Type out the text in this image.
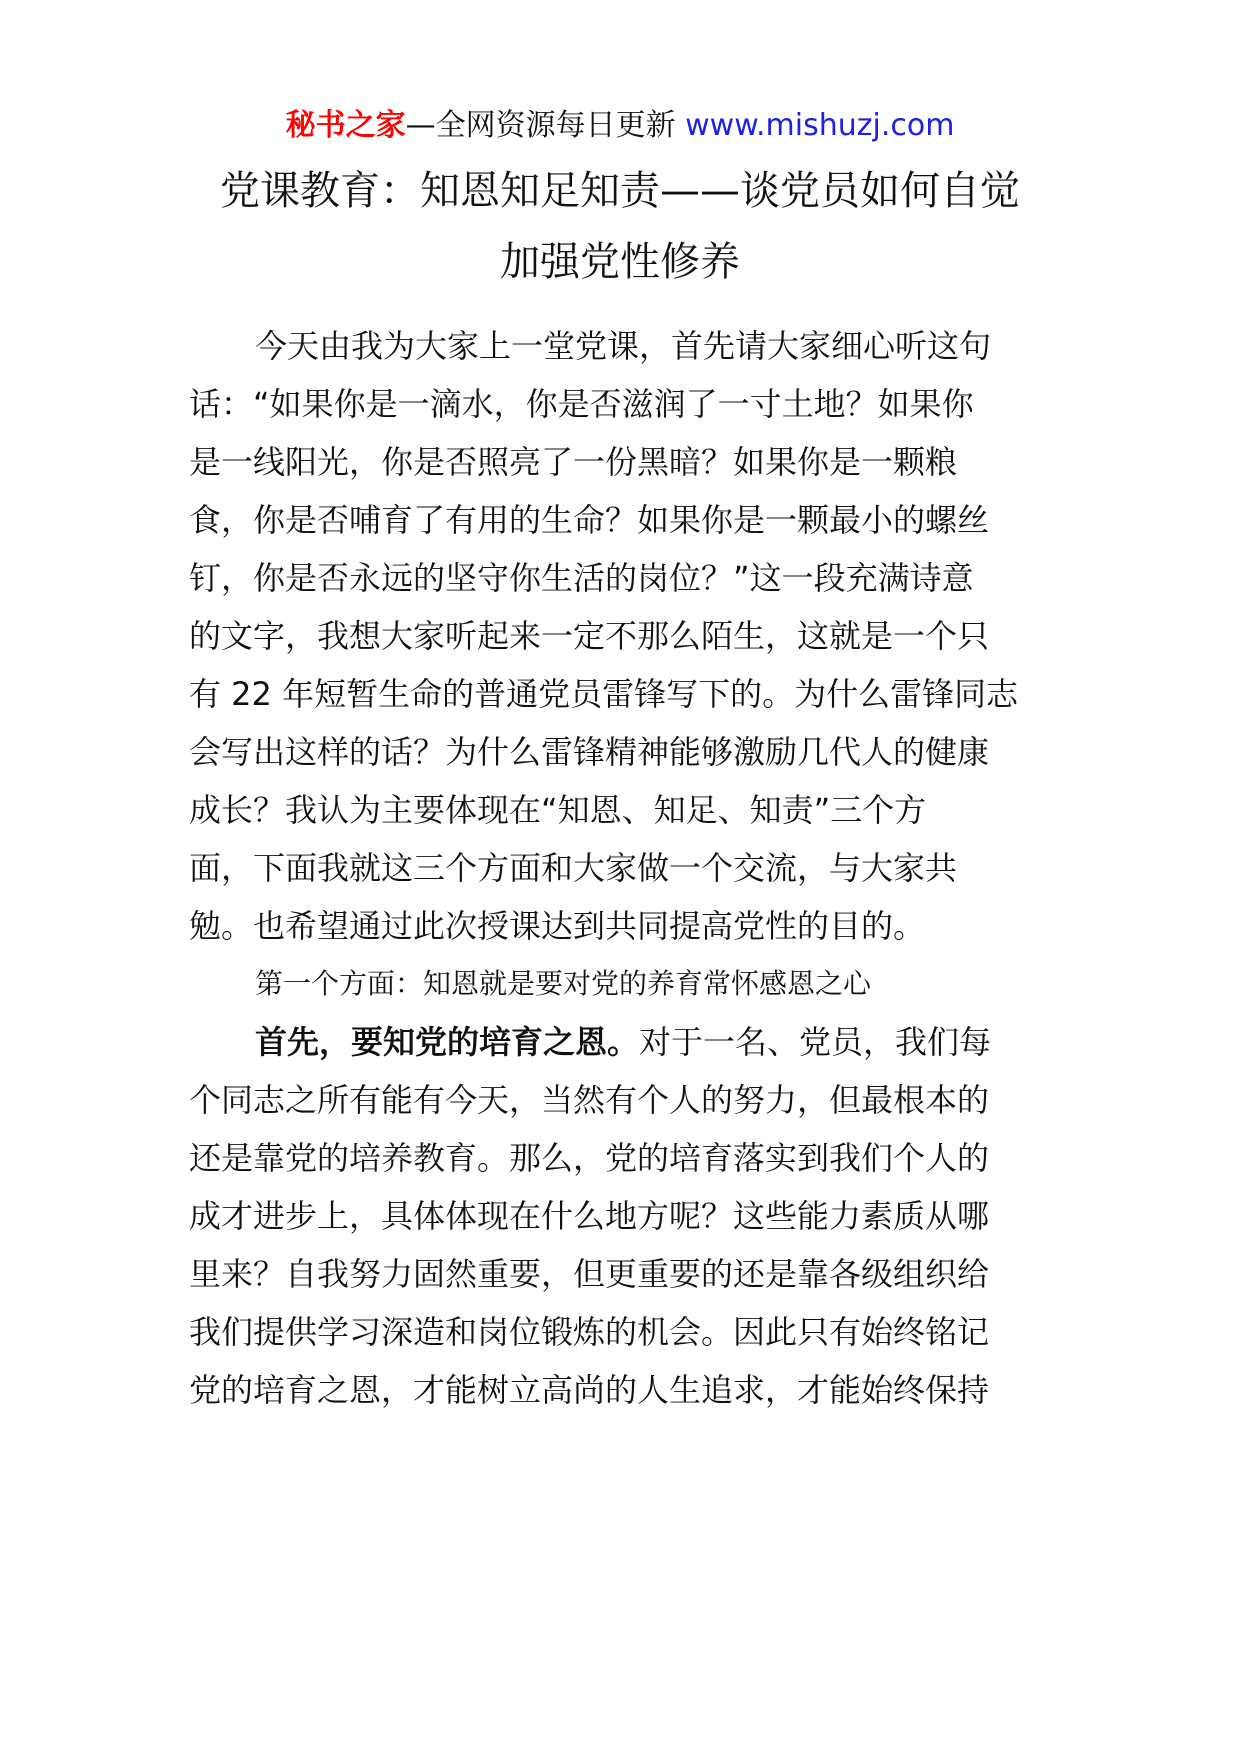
秘书之家—全网资源每日更新 www.mishuzj.com
党课教育：知恩知足知责——谈党员如何自觉
加强党性修养
今天由我为大家上一堂党课，首先请大家细心听这句
话：“如果你是一滴水，你是否滋润了一寸土地？如果你
是一线阳光，你是否照亮了一份黑暗？如果你是一颗粮
食，你是否哺育了有用的生命？如果你是一颗最小的螺丝
钉，你是否永远的坚守你生活的岗位？”这一段充满诗意
的文字，我想大家听起来一定不那么陌生，这就是一个只
有 22 年短暂生命的普通党员雷锋写下的。为什么雷锋同志
会写出这样的话？为什么雷锋精神能够激励几代人的健康
成长？我认为主要体现在“知恩、知足、知责”三个方
面，下面我就这三个方面和大家做一个交流，与大家共
勉。也希望通过此次授课达到共同提高党性的目的。
第一个方面：知恩就是要对党的养育常怀感恩之心
首先，要知党的培育之恩。对于一名、党员，我们每
个同志之所有能有今天，当然有个人的努力，但最根本的
还是靠党的培养教育。那么，党的培育落实到我们个人的
成才进步上，具体体现在什么地方呢？这些能力素质从哪
里来？自我努力固然重要，但更重要的还是靠各级组织给
我们提供学习深造和岗位锻炼的机会。因此只有始终铭记
党的培育之恩，才能树立高尚的人生追求，才能始终保持
